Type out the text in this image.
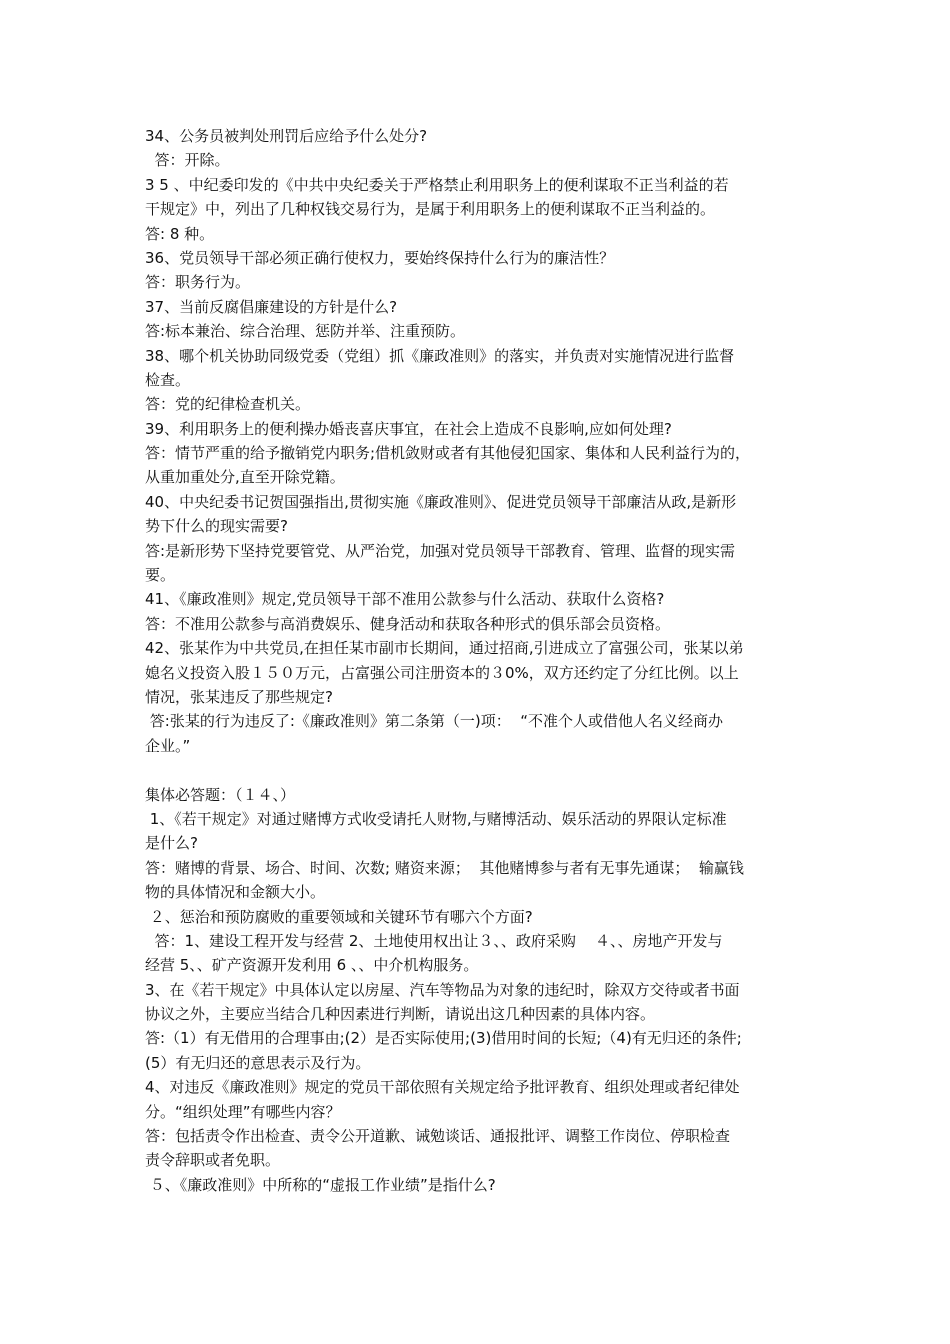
34、公务员被判处刑罚后应给予什么处分?
答：开除。
3 5 、中纪委印发的《中共中央纪委关于严格禁止利用职务上的便利谋取不正当利益的若
干规定》中，列出了几种权钱交易行为，是属于利用职务上的便利谋取不正当利益的。
答: 8 种。
36、党员领导干部必须正确行使权力，要始终保持什么行为的廉洁性？
答：职务行为。
37、当前反腐倡廉建设的方针是什么?
答:标本兼治、综合治理、惩防并举、注重预防。
38、哪个机关协助同级党委（党组）抓《廉政准则》的落实，并负责对实施情况进行监督
检查。
答：党的纪律检查机关。
39、利用职务上的便利操办婚丧喜庆事宜，在社会上造成不良影响,应如何处理?
答：情节严重的给予撤销党内职务;借机敛财或者有其他侵犯国家、集体和人民利益行为的，
从重加重处分,直至开除党籍。
40、中央纪委书记贺国强指出,贯彻实施《廉政准则》、促进党员领导干部廉洁从政,是新形
势下什么的现实需要?
答:是新形势下坚持党要管党、从严治党，加强对党员领导干部教育、管理、监督的现实需
要。
41、《廉政准则》规定,党员领导干部不准用公款参与什么活动、获取什么资格?
答：不准用公款参与高消费娱乐、健身活动和获取各种形式的俱乐部会员资格。
42、张某作为中共党员,在担任某市副市长期间，通过招商,引进成立了富强公司，张某以弟
媳名义投资入股１５０万元，占富强公司注册资本的３0%，双方还约定了分红比例。以上
情况，张某违反了那些规定?
答:张某的行为违反了:《廉政准则》第二条第（一)项：  “不准个人或借他人名义经商办
企业。”
集体必答题：（１４、）
1、《若干规定》对通过赌博方式收受请托人财物,与赌博活动、娱乐活动的界限认定标准
是什么?
答：赌博的背景、场合、时间、次数; 赌资来源；  其他赌博参与者有无事先通谋；  输赢钱
物的具体情况和金额大小。
２、惩治和预防腐败的重要领域和关键环节有哪六个方面?
答：1、建设工程开发与经营 2、土地使用权出让３、、政府采购    ４、、房地产开发与
经营 5、、矿产资源开发利用 6 、、中介机构服务。
3、在《若干规定》中具体认定以房屋、汽车等物品为对象的违纪时，除双方交待或者书面
协议之外，主要应当结合几种因素进行判断，请说出这几种因素的具体内容。
答:（1）有无借用的合理事由;(2）是否实际使用;(3)借用时间的长短;（4)有无归还的条件;
(5）有无归还的意思表示及行为。
4、对违反《廉政准则》规定的党员干部依照有关规定给予批评教育、组织处理或者纪律处
分。“组织处理”有哪些内容？
答：包括责令作出检查、责令公开道歉、诫勉谈话、通报批评、调整工作岗位、停职检查
责令辞职或者免职。
５、《廉政准则》中所称的“虚报工作业绩”是指什么?
